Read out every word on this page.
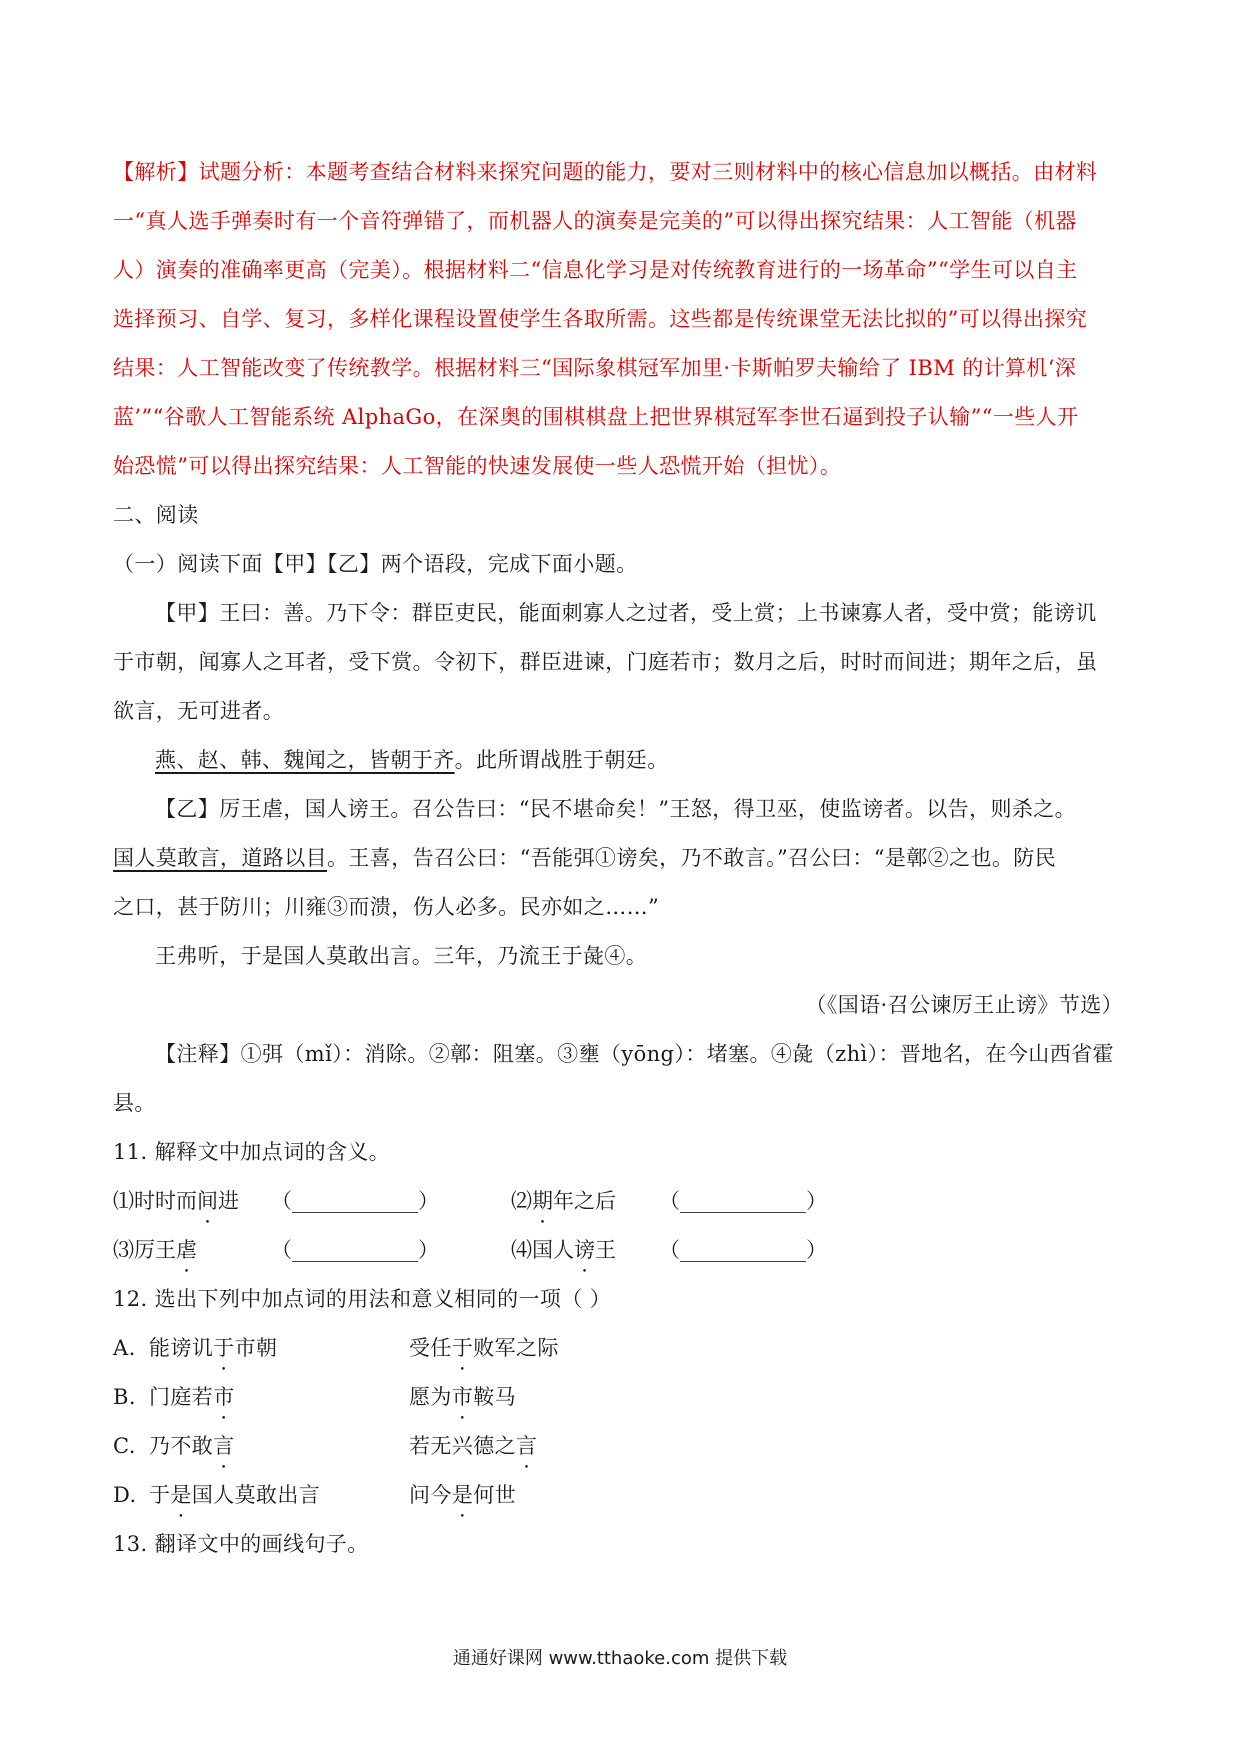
【解析】试题分析：本题考查结合材料来探究问题的能力，要对三则材料中的核心信息加以概括。由材料
一“真人选手弹奏时有一个音符弹错了，而机器人的演奏是完美的”可以得出探究结果：人工智能（机器
人）演奏的准确率更高（完美）。根据材料二“信息化学习是对传统教育进行的一场革命”“学生可以自主
选择预习、自学、复习，多样化课程设置使学生各取所需。这些都是传统课堂无法比拟的”可以得出探究
结果：人工智能改变了传统教学。根据材料三“国际象棋冠军加里·卡斯帕罗夫输给了 IBM 的计算机‘深
蓝’”“谷歌人工智能系统 AlphaGo，在深奥的围棋棋盘上把世界棋冠军李世石逼到投子认输”“一些人开
始恐慌”可以得出探究结果：人工智能的快速发展使一些人恐慌开始（担忧）。
二、阅读
（一）阅读下面【甲】【乙】两个语段，完成下面小题。
【甲】王曰：善。乃下令：群臣吏民，能面刺寡人之过者，受上赏；上书谏寡人者，受中赏；能谤讥
于市朝，闻寡人之耳者，受下赏。令初下，群臣进谏，门庭若市；数月之后，时时而间进；期年之后，虽
欲言，无可进者。
燕、赵、韩、魏闻之，皆朝于齐。此所谓战胜于朝廷。
【乙】厉王虐，国人谤王。召公告曰：“民不堪命矣！”王怒，得卫巫，使监谤者。以告，则杀之。
国人莫敢言，道路以目。王喜，告召公曰：“吾能弭①谤矣，乃不敢言。”召公曰：“是鄣②之也。防民
之口，甚于防川；川雍③而溃，伤人必多。民亦如之……”
王弗听，于是国人莫敢出言。三年，乃流王于彘④。
（《国语·召公谏厉王止谤》节选）
【注释】①弭（mǐ）：消除。②鄣：阻塞。③壅（yōng）：堵塞。④彘（zhì）：晋地名，在今山西省霍
县。
11. 解释文中加点词的含义。
⑴时时而间进	（____________）	⑵期年之后	（____________）
⑶厉王虐	（____________）	⑷国人谤王	（____________）
12. 选出下列中加点词的用法和意义相同的一项（ ）
A. 能谤讥于市朝	受任于败军之际
B. 门庭若市	愿为市鞍马
C. 乃不敢言	若无兴德之言
D. 于是国人莫敢出言	问今是何世
13. 翻译文中的画线句子。
通通好课网 www.tthaoke.com 提供下载
